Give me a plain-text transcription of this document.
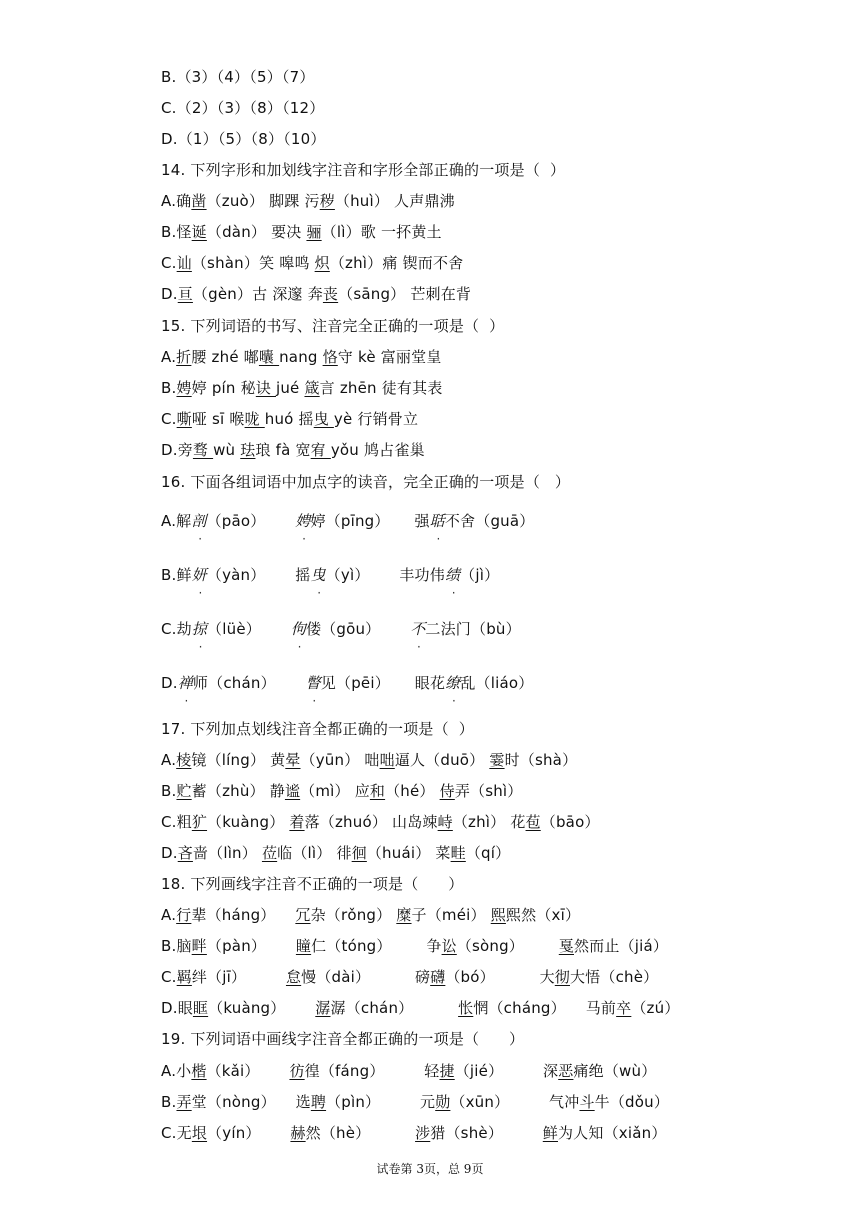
B.（3）（4）（5）（7）
C.（2）（3）（8）（12）
D.（1）（5）（8）（10）
14. 下列字形和加划线字注音和字形全部正确的一项是（  ）
A.确凿（zuò） 脚踝 污秽（huì） 人声鼎沸
B.怪诞（dàn） 要决 骊（lì）歌 一抔黄土
C.讪（shàn）笑 嗥鸣 炽（zhì）痛 锲而不舍
D.亘（gèn）古 深邃 奔丧（sāng） 芒刺在背
15. 下列词语的书写、注音完全正确的一项是（  ）
A.折腰 zhé 嘟囔 nang 恪守 kè 富丽堂皇
B.娉婷 pín 秘诀 jué 箴言 zhēn 徒有其表
C.嘶哑 sī 喉咙 huó 摇曳 yè 行销骨立
D.旁骛 wù 珐琅 fà 宽宥 yǒu 鸠占雀巢
16. 下面各组词语中加点字的读音，完全正确的一项是（   ）
A.解剖（pāo）      娉婷（pīng）     强聒不舍（guā）
B.鲜妍（yàn）      摇曳（yì）      丰功伟绩（jì）
C.劫掠（lüè）      佝偻（gōu）      不二法门（bù）
D.禅师（chán）      瞥见（pēi）     眼花缭乱（liáo）
17. 下列加点划线注音全都正确的一项是（  ）
A.棱镜（líng） 黄晕（yūn） 咄咄逼人（duō） 霎时（shà）
B.贮蓄（zhù） 静谧（mì） 应和（hé） 侍弄（shì）
C.粗犷（kuàng） 着落（zhuó） 山岛竦峙（zhì） 花苞（bāo）
D.吝啬（lìn） 莅临（lì） 徘徊（huái） 菜畦（qí）
18. 下列画线字注音不正确的一项是（      ）
A.行辈（háng）    冗杂（rǒng） 糜子（méi） 熙熙然（xī）
B.脑畔（pàn）      瞳仁（tóng）       争讼（sòng）       戛然而止（jiá）
C.羁绊（jī）        怠慢（dài）         磅礴（bó）         大彻大悟（chè）
D.眼眶（kuàng）      潺潺（chán）         怅惘（cháng）    马前卒（zú）
19. 下列词语中画线字注音全都正确的一项是（      ）
A.小楷（kǎi）      彷徨（fáng）        轻捷（jié）        深恶痛绝（wù）
B.弄堂（nòng）    选聘（pìn）        元勋（xūn）        气冲斗牛（dǒu）
C.无垠（yín）      赫然（hè）         涉猎（shè）        鲜为人知（xiǎn）
试卷第 3页，总 9页
